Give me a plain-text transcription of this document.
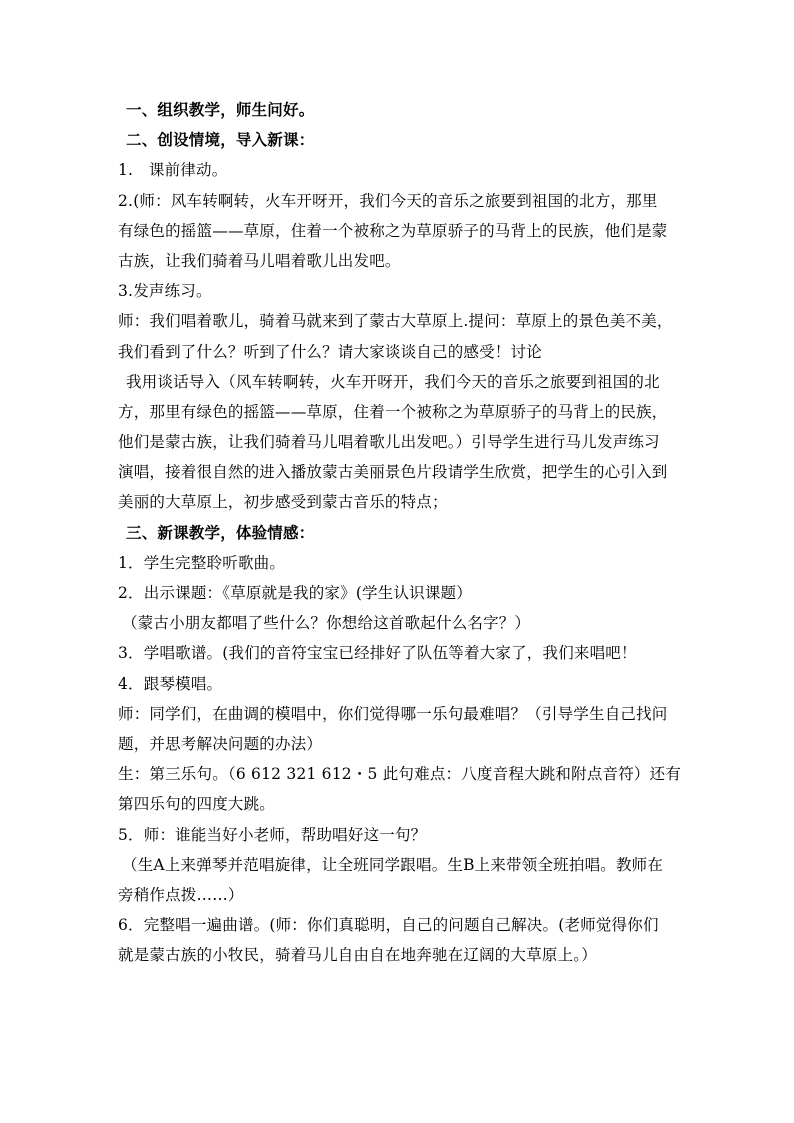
一、组织教学，师生问好。
二、创设情境，导入新课：
1.　课前律动。
2.(师：风车转啊转，火车开呀开，我们今天的音乐之旅要到祖国的北方，那里
有绿色的摇篮——草原，住着一个被称之为草原骄子的马背上的民族，他们是蒙
古族，让我们骑着马儿唱着歌儿出发吧。
3.发声练习。
师：我们唱着歌儿，骑着马就来到了蒙古大草原上.提问：草原上的景色美不美，
我们看到了什么？听到了什么？请大家谈谈自己的感受！讨论
我用谈话导入（风车转啊转，火车开呀开，我们今天的音乐之旅要到祖国的北
方，那里有绿色的摇篮——草原，住着一个被称之为草原骄子的马背上的民族，
他们是蒙古族，让我们骑着马儿唱着歌儿出发吧。）引导学生进行马儿发声练习
演唱，接着很自然的进入播放蒙古美丽景色片段请学生欣赏，把学生的心引入到
美丽的大草原上，初步感受到蒙古音乐的特点；
三、新课教学，体验情感：
1．学生完整聆听歌曲。
2．出示课题：《草原就是我的家》(学生认识课题）
（蒙古小朋友都唱了些什么？你想给这首歌起什么名字？）
3．学唱歌谱。(我们的音符宝宝已经排好了队伍等着大家了，我们来唱吧！
4．跟琴模唱。
师：同学们，在曲调的模唱中，你们觉得哪一乐句最难唱？（引导学生自己找问
题，并思考解决问题的办法）
生：第三乐句。（6 612 321 612・5 此句难点：八度音程大跳和附点音符）还有
第四乐句的四度大跳。
5．师：谁能当好小老师，帮助唱好这一句？
（生A上来弹琴并范唱旋律，让全班同学跟唱。生B上来带领全班拍唱。教师在
旁稍作点拨……）
6．完整唱一遍曲谱。(师：你们真聪明，自己的问题自己解决。(老师觉得你们
就是蒙古族的小牧民，骑着马儿自由自在地奔驰在辽阔的大草原上。）
